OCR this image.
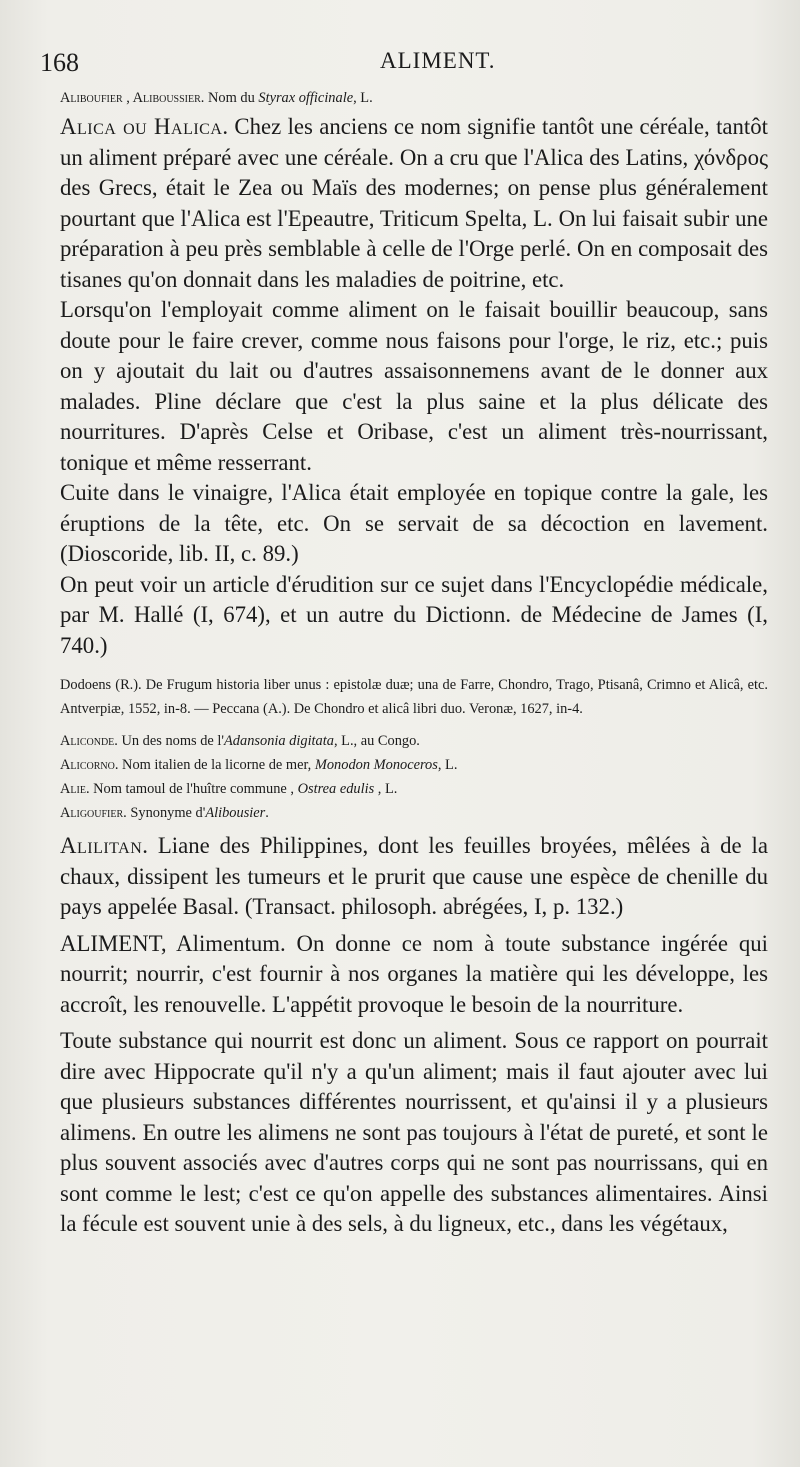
168	ALIMENT.

Aliboufier , Aliboussier. Nom du Styrax officinale, L.

Alica ou Halica. Chez les anciens ce nom signifie tantôt une céréale, tantôt un aliment préparé avec une céréale. On a cru que l'Alica des Latins, χόνδρος des Grecs, était le Zea ou Maïs des modernes; on pense plus généralement pourtant que l'Alica est l'Epeautre, Triticum Spelta, L. On lui faisait subir une préparation à peu près semblable à celle de l'Orge perlé. On en composait des tisanes qu'on donnait dans les maladies de poitrine, etc.

Lorsqu'on l'employait comme aliment on le faisait bouillir beaucoup, sans doute pour le faire crever, comme nous faisons pour l'orge, le riz, etc.; puis on y ajoutait du lait ou d'autres assaisonnemens avant de le donner aux malades. Pline déclare que c'est la plus saine et la plus délicate des nourritures. D'après Celse et Oribase, c'est un aliment très-nourrissant, tonique et même resserrant.

Cuite dans le vinaigre, l'Alica était employée en topique contre la gale, les éruptions de la tête, etc. On se servait de sa décoction en lavement. (Dioscoride, lib. II, c. 89.)

On peut voir un article d'érudition sur ce sujet dans l'Encyclopédie médicale, par M. Hallé (I, 674), et un autre du Dictionn. de Médecine de James (I, 740.)

Dodoens (R.). De Frugum historia liber unus : epistolæ duæ; una de Farre, Chondro, Trago, Ptisanâ, Crimno et Alicâ, etc. Antverpiæ, 1552, in-8. — Peccana (A.). De Chondro et alicâ libri duo. Veronæ, 1627, in-4.

Aliconde. Un des noms de l'Adansonia digitata, L., au Congo.

Alicorno. Nom italien de la licorne de mer, Monodon Monoceros, L.

Alie. Nom tamoul de l'huître commune , Ostrea edulis , L.

Aligoufier. Synonyme d'Alibousier.

Alilitan. Liane des Philippines, dont les feuilles broyées, mêlées à de la chaux, dissipent les tumeurs et le prurit que cause une espèce de chenille du pays appelée Basal. (Transact. philosoph. abrégées, I, p. 132.)

ALIMENT, Alimentum. On donne ce nom à toute substance ingérée qui nourrit; nourrir, c'est fournir à nos organes la matière qui les développe, les accroît, les renouvelle. L'appétit provoque le besoin de la nourriture.

Toute substance qui nourrit est donc un aliment. Sous ce rapport on pourrait dire avec Hippocrate qu'il n'y a qu'un aliment; mais il faut ajouter avec lui que plusieurs substances différentes nourrissent, et qu'ainsi il y a plusieurs alimens. En outre les alimens ne sont pas toujours à l'état de pureté, et sont le plus souvent associés avec d'autres corps qui ne sont pas nourrissans, qui en sont comme le lest; c'est ce qu'on appelle des substances alimentaires. Ainsi la fécule est souvent unie à des sels, à du ligneux, etc., dans les végétaux,
